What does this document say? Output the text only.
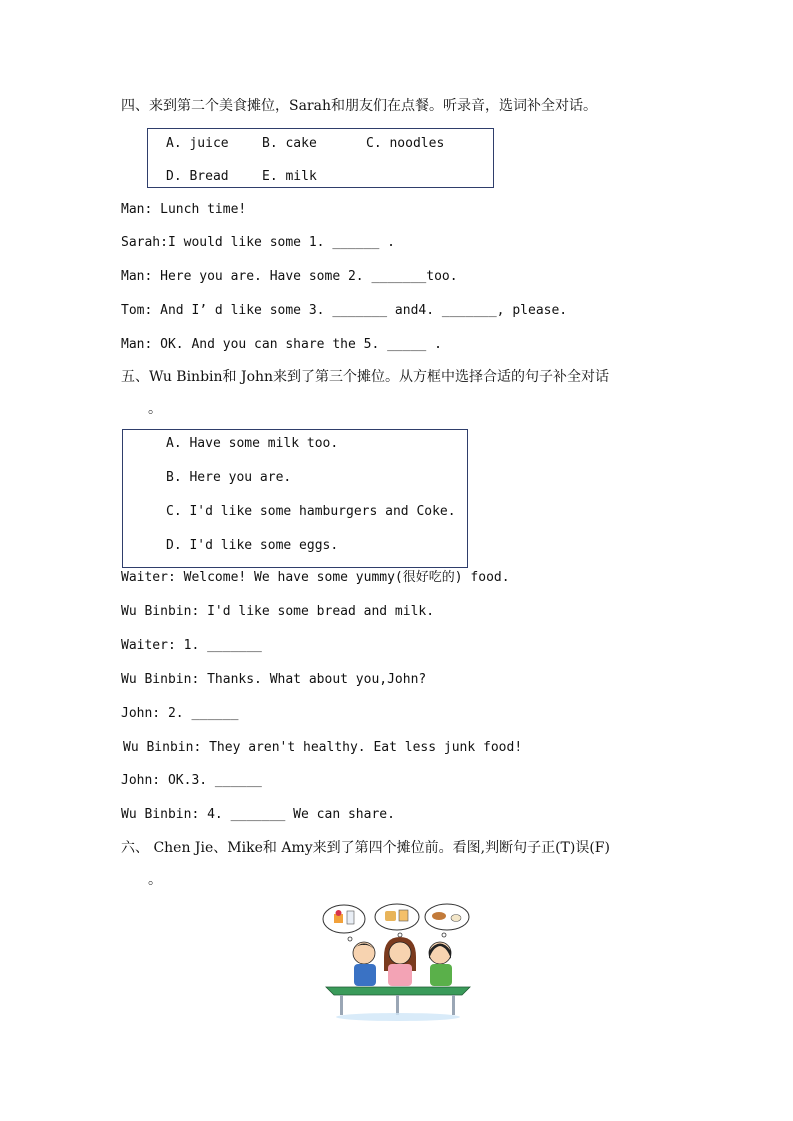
四、来到第二个美食摊位，Sarah和朋友们在点餐。听录音，选词补全对话。
A. juice	B. cake	C. noodles
D. Bread	E. milk
Man: Lunch time!
Sarah:I would like some 1. ______ .
Man: Here you are. Have some 2. _______too.
Tom: And I’ d like some 3. _______ and4. _______, please.
Man: OK. And you can share the 5. _____ .
五、Wu Binbin和 John来到了第三个摊位。从方框中选择合适的句子补全对话
。
A. Have some milk too.
B. Here you are.
C. I'd like some hamburgers and Coke.
D. I'd like some eggs.
Waiter: Welcome! We have some yummy(很好吃的) food.
Wu Binbin: I'd like some bread and milk.
Waiter: 1. _______
Wu Binbin: Thanks. What about you,John?
John: 2. ______
Wu Binbin: They aren't healthy. Eat less junk food!
John: OK.3. ______
Wu Binbin: 4. _______ We can share.
六、 Chen Jie、Mike和 Amy来到了第四个摊位前。看图,判断句子正(T)误(F)
。
